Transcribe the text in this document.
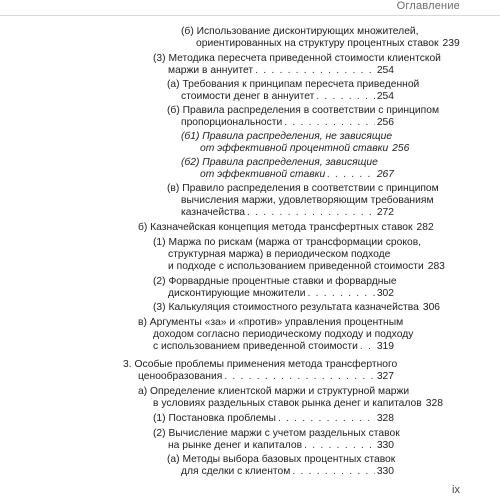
Оглавление
(б) Использование дисконтирующих множителей,
ориентированных на структуру процентных ставок 239
(3) Методика пересчета приведенной стоимости клиентской
маржи в аннуитет . . .	254
(а) Требования к принципам пересчета приведенной
стоимости денег в аннуитет . . .	254
(б) Правила распределения в соответствии с принципом
пропорциональности . . .	256
(б1) Правила распределения, не зависящие
от эффективной процентной ставки 256
(б2) Правила распределения, зависящие
от эффективной ставки . . .	267
(в) Правило распределения в соответствии с принципом
вычисления маржи, удовлетворяющим требованиям
казначейства . . .	272
б) Казначейская концепция метода трансфертных ставок 282
(1) Маржа по рискам (маржа от трансформации сроков,
структурная маржа) в периодическом подходе
и подходе с использованием приведенной стоимости 283
(2) Форвардные процентные ставки и форвардные
дисконтирующие множители . . .	302
(3) Калькуляция стоимостного результата казначейства 306
в) Аргументы «за» и «против» управления процентным
доходом согласно периодическому подходу и подходу
с использованием приведенной стоимости . . . 319
3. Особые проблемы применения метода трансфертного
ценообразования . . .	327
а) Определение клиентской маржи и структурной маржи
в условиях раздельных ставок рынка денег и капиталов 328
(1) Постановка проблемы . . .	328
(2) Вычисление маржи с учетом раздельных ставок
на рынке денег и капиталов . . .	330
(а) Методы выбора базовых процентных ставок
для сделки с клиентом . . .	330
ix
